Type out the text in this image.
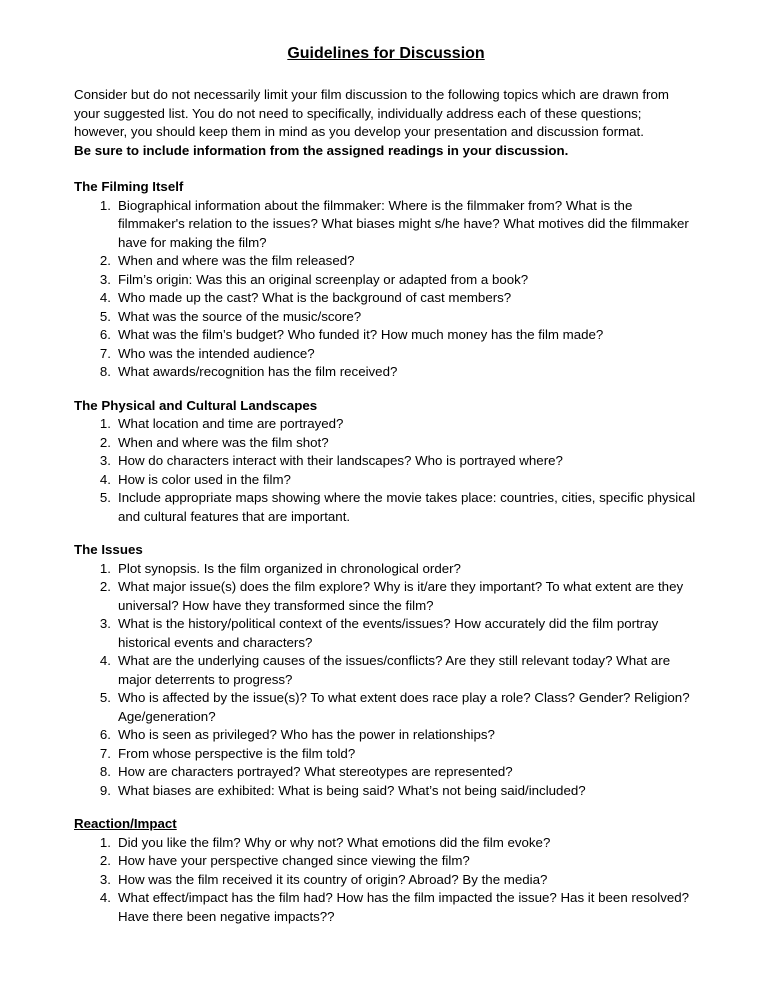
Guidelines for Discussion
Consider but do not necessarily limit your film discussion to the following topics which are drawn from your suggested list. You do not need to specifically, individually address each of these questions; however, you should keep them in mind as you develop your presentation and discussion format.
Be sure to include information from the assigned readings in your discussion.
The Filming Itself
1. Biographical information about the filmmaker: Where is the filmmaker from? What is the filmmaker's relation to the issues? What biases might s/he have? What motives did the filmmaker have for making the film?
2. When and where was the film released?
3. Film’s origin: Was this an original screenplay or adapted from a book?
4. Who made up the cast? What is the background of cast members?
5. What was the source of the music/score?
6. What was the film’s budget? Who funded it? How much money has the film made?
7. Who was the intended audience?
8. What awards/recognition has the film received?
The Physical and Cultural Landscapes
1. What location and time are portrayed?
2. When and where was the film shot?
3. How do characters interact with their landscapes? Who is portrayed where?
4. How is color used in the film?
5. Include appropriate maps showing where the movie takes place: countries, cities, specific physical and cultural features that are important.
The Issues
1. Plot synopsis. Is the film organized in chronological order?
2. What major issue(s) does the film explore? Why is it/are they important? To what extent are they universal? How have they transformed since the film?
3. What is the history/political context of the events/issues? How accurately did the film portray historical events and characters?
4. What are the underlying causes of the issues/conflicts? Are they still relevant today? What are major deterrents to progress?
5. Who is affected by the issue(s)? To what extent does race play a role? Class? Gender? Religion? Age/generation?
6. Who is seen as privileged? Who has the power in relationships?
7. From whose perspective is the film told?
8. How are characters portrayed? What stereotypes are represented?
9. What biases are exhibited: What is being said? What’s not being said/included?
Reaction/Impact
1. Did you like the film? Why or why not? What emotions did the film evoke?
2. How have your perspective changed since viewing the film?
3. How was the film received it its country of origin? Abroad? By the media?
4. What effect/impact has the film had? How has the film impacted the issue? Has it been resolved? Have there been negative impacts??
